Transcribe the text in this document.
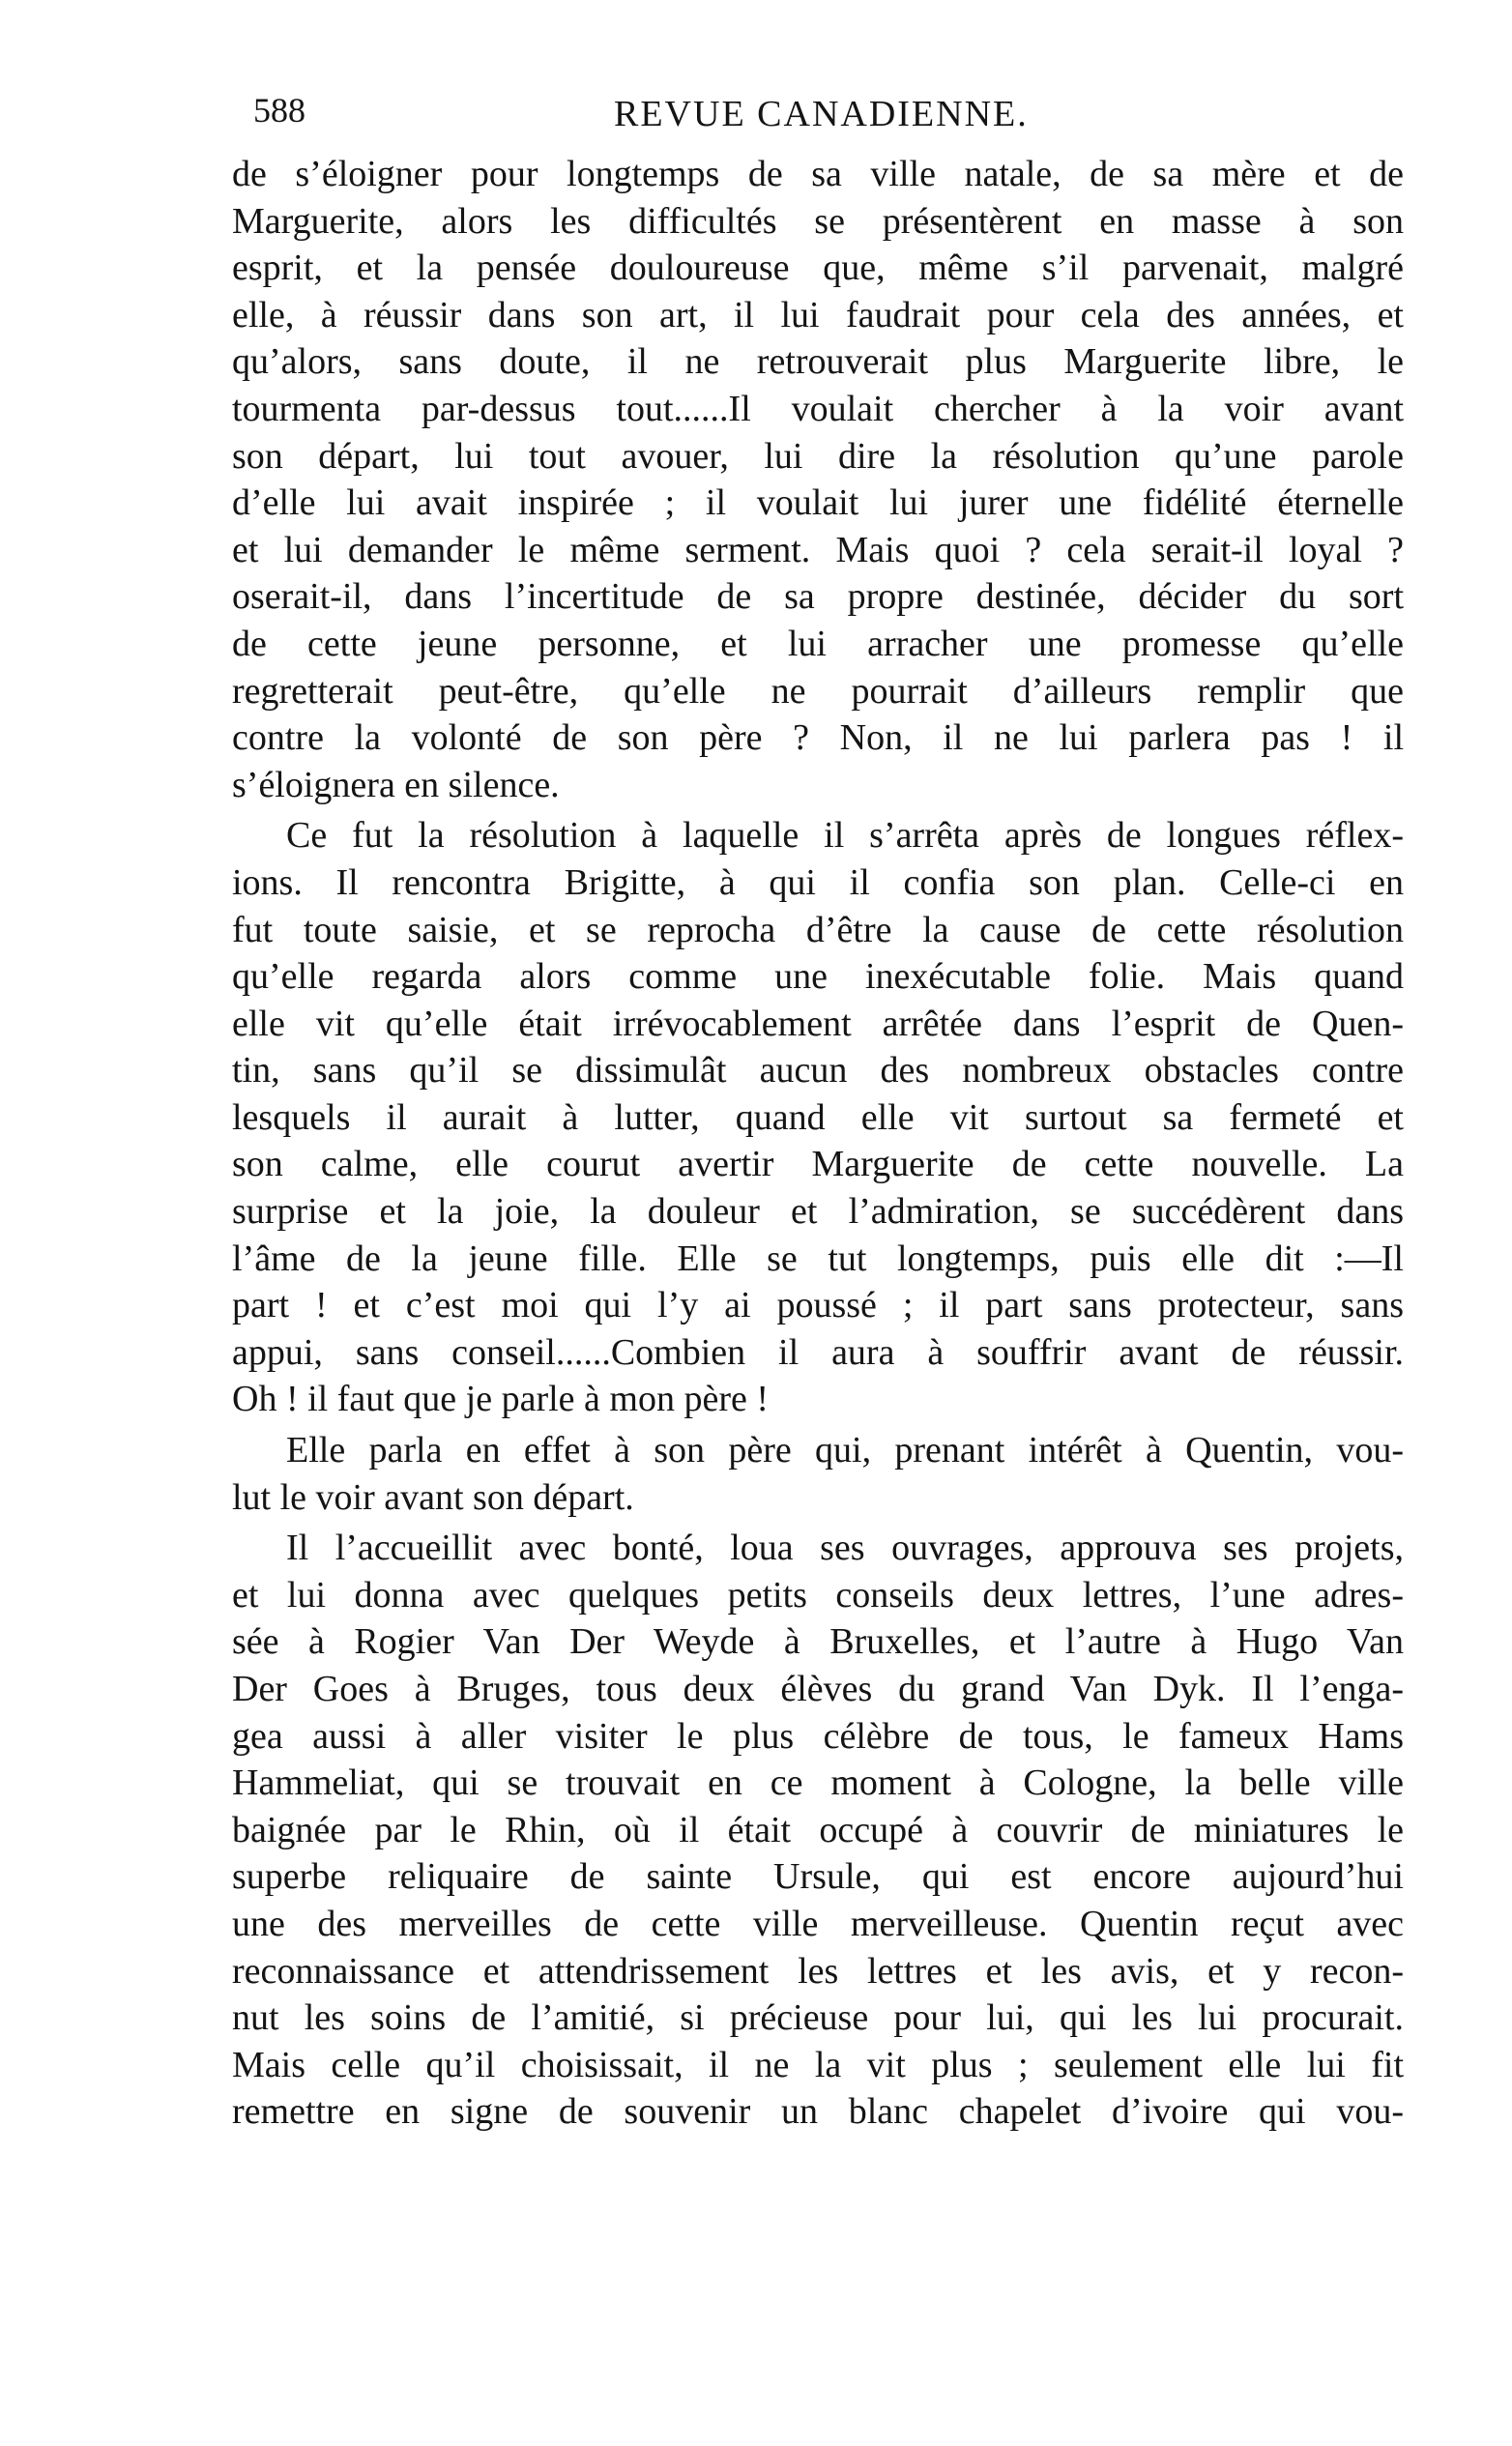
588	REVUE CANADIENNE.
de s’éloigner pour longtemps de sa ville natale, de sa mère et de
Marguerite, alors les difficultés se présentèrent en masse à son
esprit, et la pensée douloureuse que, même s’il parvenait, malgré
elle, à réussir dans son art, il lui faudrait pour cela des années, et
qu’alors, sans doute, il ne retrouverait plus Marguerite libre, le
tourmenta par-dessus tout......Il voulait chercher à la voir avant
son départ, lui tout avouer, lui dire la résolution qu’une parole
d’elle lui avait inspirée ; il voulait lui jurer une fidélité éternelle
et lui demander le même serment. Mais quoi ? cela serait-il loyal ?
oserait-il, dans l’incertitude de sa propre destinée, décider du sort
de cette jeune personne, et lui arracher une promesse qu’elle
regretterait peut-être, qu’elle ne pourrait d’ailleurs remplir que
contre la volonté de son père ? Non, il ne lui parlera pas ! il
s’éloignera en silence.
Ce fut la résolution à laquelle il s’arrêta après de longues réflex-
ions. Il rencontra Brigitte, à qui il confia son plan. Celle-ci en
fut toute saisie, et se reprocha d’être la cause de cette résolution
qu’elle regarda alors comme une inexécutable folie. Mais quand
elle vit qu’elle était irrévocablement arrêtée dans l’esprit de Quen-
tin, sans qu’il se dissimulât aucun des nombreux obstacles contre
lesquels il aurait à lutter, quand elle vit surtout sa fermeté et
son calme, elle courut avertir Marguerite de cette nouvelle. La
surprise et la joie, la douleur et l’admiration, se succédèrent dans
l’âme de la jeune fille. Elle se tut longtemps, puis elle dit :—Il
part ! et c’est moi qui l’y ai poussé ; il part sans protecteur, sans
appui, sans conseil......Combien il aura à souffrir avant de réussir.
Oh ! il faut que je parle à mon père !
Elle parla en effet à son père qui, prenant intérêt à Quentin, vou-
lut le voir avant son départ.
Il l’accueillit avec bonté, loua ses ouvrages, approuva ses projets,
et lui donna avec quelques petits conseils deux lettres, l’une adres-
sée à Rogier Van Der Weyde à Bruxelles, et l’autre à Hugo Van
Der Goes à Bruges, tous deux élèves du grand Van Dyk. Il l’enga-
gea aussi à aller visiter le plus célèbre de tous, le fameux Hams
Hammeliat, qui se trouvait en ce moment à Cologne, la belle ville
baignée par le Rhin, où il était occupé à couvrir de miniatures le
superbe reliquaire de sainte Ursule, qui est encore aujourd’hui
une des merveilles de cette ville merveilleuse. Quentin reçut avec
reconnaissance et attendrissement les lettres et les avis, et y recon-
nut les soins de l’amitié, si précieuse pour lui, qui les lui procurait.
Mais celle qu’il choisissait, il ne la vit plus ; seulement elle lui fit
remettre en signe de souvenir un blanc chapelet d’ivoire qui vou-
